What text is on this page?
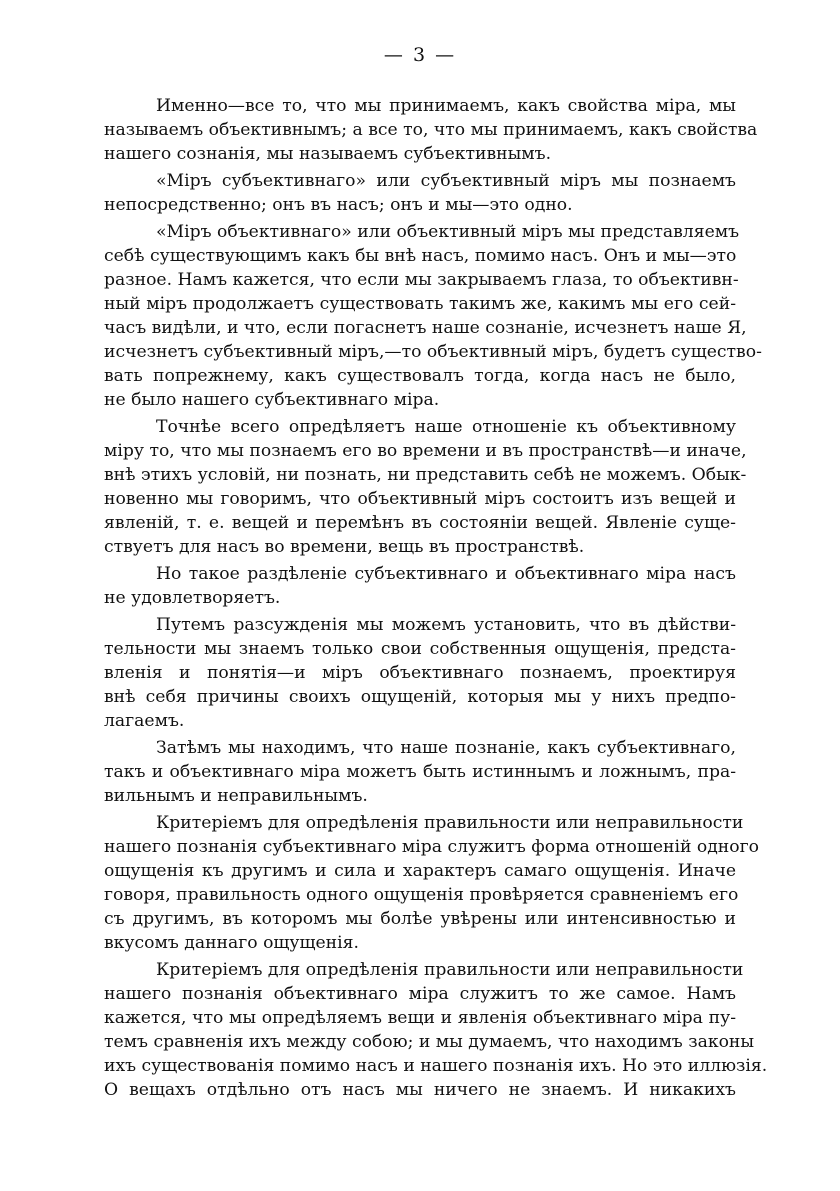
— 3 —

Именно—все то, что мы принимаемъ, какъ свойства міра, мы
называемъ объективнымъ; а все то, что мы принимаемъ, какъ свойства
нашего сознанія, мы называемъ субъективнымъ.

«Міръ субъективнаго» или субъективный міръ мы познаемъ
непосредственно; онъ въ насъ; онъ и мы—это одно.

«Міръ объективнаго» или объективный міръ мы представляемъ
себѣ существующимъ какъ бы внѣ насъ, помимо насъ. Онъ и мы—это
разное. Намъ кажется, что если мы закрываемъ глаза, то объективн-
ный міръ продолжаетъ существовать такимъ же, какимъ мы его сей-
часъ видѣли, и что, если погаснетъ наше сознаніе, исчезнетъ наше Я,
исчезнетъ субъективный міръ,—то объективный міръ, будетъ существо-
вать попрежнему, какъ существовалъ тогда, когда насъ не было,
не было нашего субъективнаго міра.

Точнѣе всего опредѣляетъ наше отношеніе къ объективному
міру то, что мы познаемъ его во времени и въ пространствѣ—и иначе,
внѣ этихъ условій, ни познать, ни представить себѣ не можемъ. Обык-
новенно мы говоримъ, что объективный міръ состоитъ изъ вещей и
явленій, т. е. вещей и перемѣнъ въ состояніи вещей. Явленіе суще-
ствуетъ для насъ во времени, вещь въ пространствѣ.

Но такое раздѣленіе субъективнаго и объективнаго міра насъ
не удовлетворяетъ.

Путемъ разсужденія мы можемъ установить, что въ дѣйстви-
тельности мы знаемъ только свои собственныя ощущенія, предста-
вленія и понятія—и міръ объективнаго познаемъ, проектируя
внѣ себя причины своихъ ощущеній, которыя мы у нихъ предпо-
лагаемъ.

Затѣмъ мы находимъ, что наше познаніе, какъ субъективнаго,
такъ и объективнаго міра можетъ быть истиннымъ и ложнымъ, пра-
вильнымъ и неправильнымъ.

Критеріемъ для опредѣленія правильности или неправильности
нашего познанія субъективнаго міра служитъ форма отношеній одного
ощущенія къ другимъ и сила и характеръ самаго ощущенія. Иначе
говоря, правильность одного ощущенія провѣряется сравненіемъ его
съ другимъ, въ которомъ мы болѣе увѣрены или интенсивностью и
вкусомъ даннаго ощущенія.

Критеріемъ для опредѣленія правильности или неправильности
нашего познанія объективнаго міра служитъ то же самое. Намъ
кажется, что мы опредѣляемъ вещи и явленія объективнаго міра пу-
темъ сравненія ихъ между собою; и мы думаемъ, что находимъ законы
ихъ существованія помимо насъ и нашего познанія ихъ. Но это иллюзія.
О вещахъ отдѣльно отъ насъ мы ничего не знаемъ. И никакихъ
